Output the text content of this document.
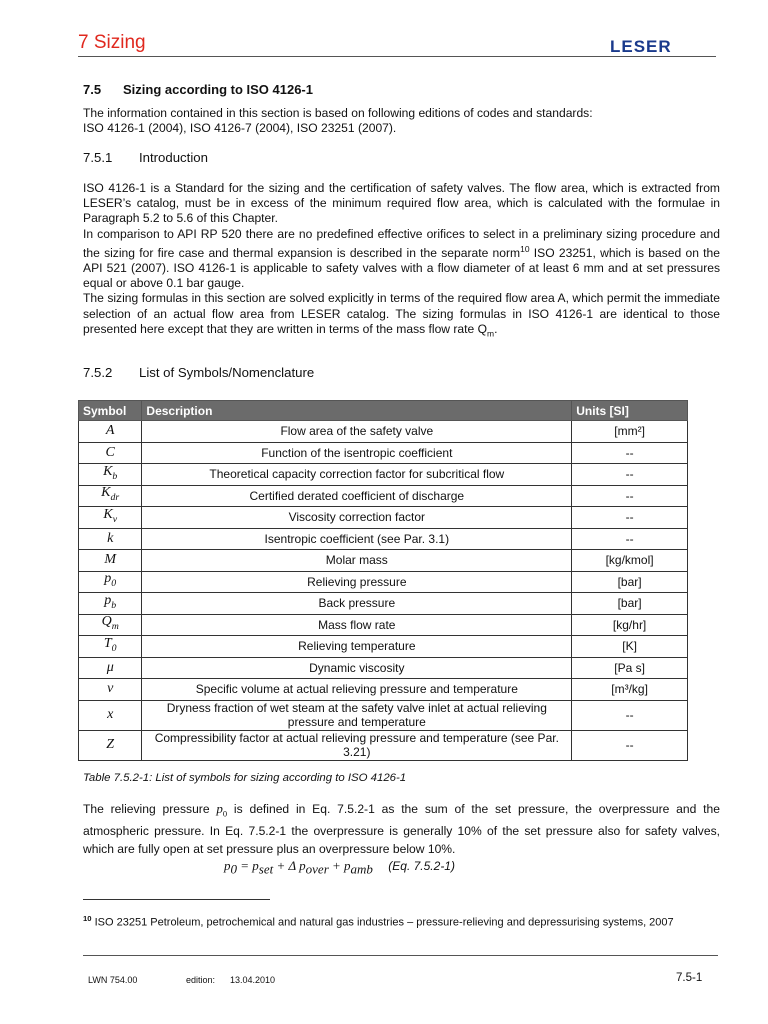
7 Sizing	LESER
7.5 Sizing according to ISO 4126-1
The information contained in this section is based on following editions of codes and standards:
ISO 4126-1 (2004), ISO 4126-7 (2004), ISO 23251 (2007).
7.5.1 Introduction
ISO 4126-1 is a Standard for the sizing and the certification of safety valves. The flow area, which is extracted from LESER’s catalog, must be in excess of the minimum required flow area, which is calculated with the formulae in Paragraph 5.2 to 5.6 of this Chapter.
In comparison to API RP 520 there are no predefined effective orifices to select in a preliminary sizing procedure and the sizing for fire case and thermal expansion is described in the separate norm$^{10}$ ISO 23251, which is based on the API 521 (2007). ISO 4126-1 is applicable to safety valves with a flow diameter of at least 6 mm and at set pressures equal or above 0.1 bar gauge.
The sizing formulas in this section are solved explicitly in terms of the required flow area A, which permit the immediate selection of an actual flow area from LESER catalog. The sizing formulas in ISO 4126-1 are identical to those presented here except that they are written in terms of the mass flow rate $Q_m$.
7.5.2 List of Symbols/Nomenclature
Symbol	Description	Units [SI]
A	Flow area of the safety valve	[mm²]
C	Function of the isentropic coefficient	--
$K_b$	Theoretical capacity correction factor for subcritical flow	--
$K_{dr}$	Certified derated coefficient of discharge	--
$K_v$	Viscosity correction factor	--
k	Isentropic coefficient (see Par. 3.1)	--
M	Molar mass	[kg/kmol]
$p_0$	Relieving pressure	[bar]
$p_b$	Back pressure	[bar]
$Q_m$	Mass flow rate	[kg/hr]
$T_0$	Relieving temperature	[K]
μ	Dynamic viscosity	[Pa s]
v	Specific volume at actual relieving pressure and temperature	[m³/kg]
x	Dryness fraction of wet steam at the safety valve inlet at actual relieving pressure and temperature	--
Z	Compressibility factor at actual relieving pressure and temperature (see Par. 3.21)	--
Table 7.5.2-1: List of symbols for sizing according to ISO 4126-1
The relieving pressure $p_0$ is defined in Eq. 7.5.2-1 as the sum of the set pressure, the overpressure and the atmospheric pressure. In Eq. 7.5.2-1 the overpressure is generally 10% of the set pressure also for safety valves, which are fully open at set pressure plus an overpressure below 10%.
$p_0 = p_{set} + \Delta$ $p_{over} + p_{amb}$ (Eq. 7.5.2-1)
$^{10}$ ISO 23251 Petroleum, petrochemical and natural gas industries – pressure-relieving and depressurising systems, 2007
LWN 754.00	edition: 13.04.2010	7.5-1
